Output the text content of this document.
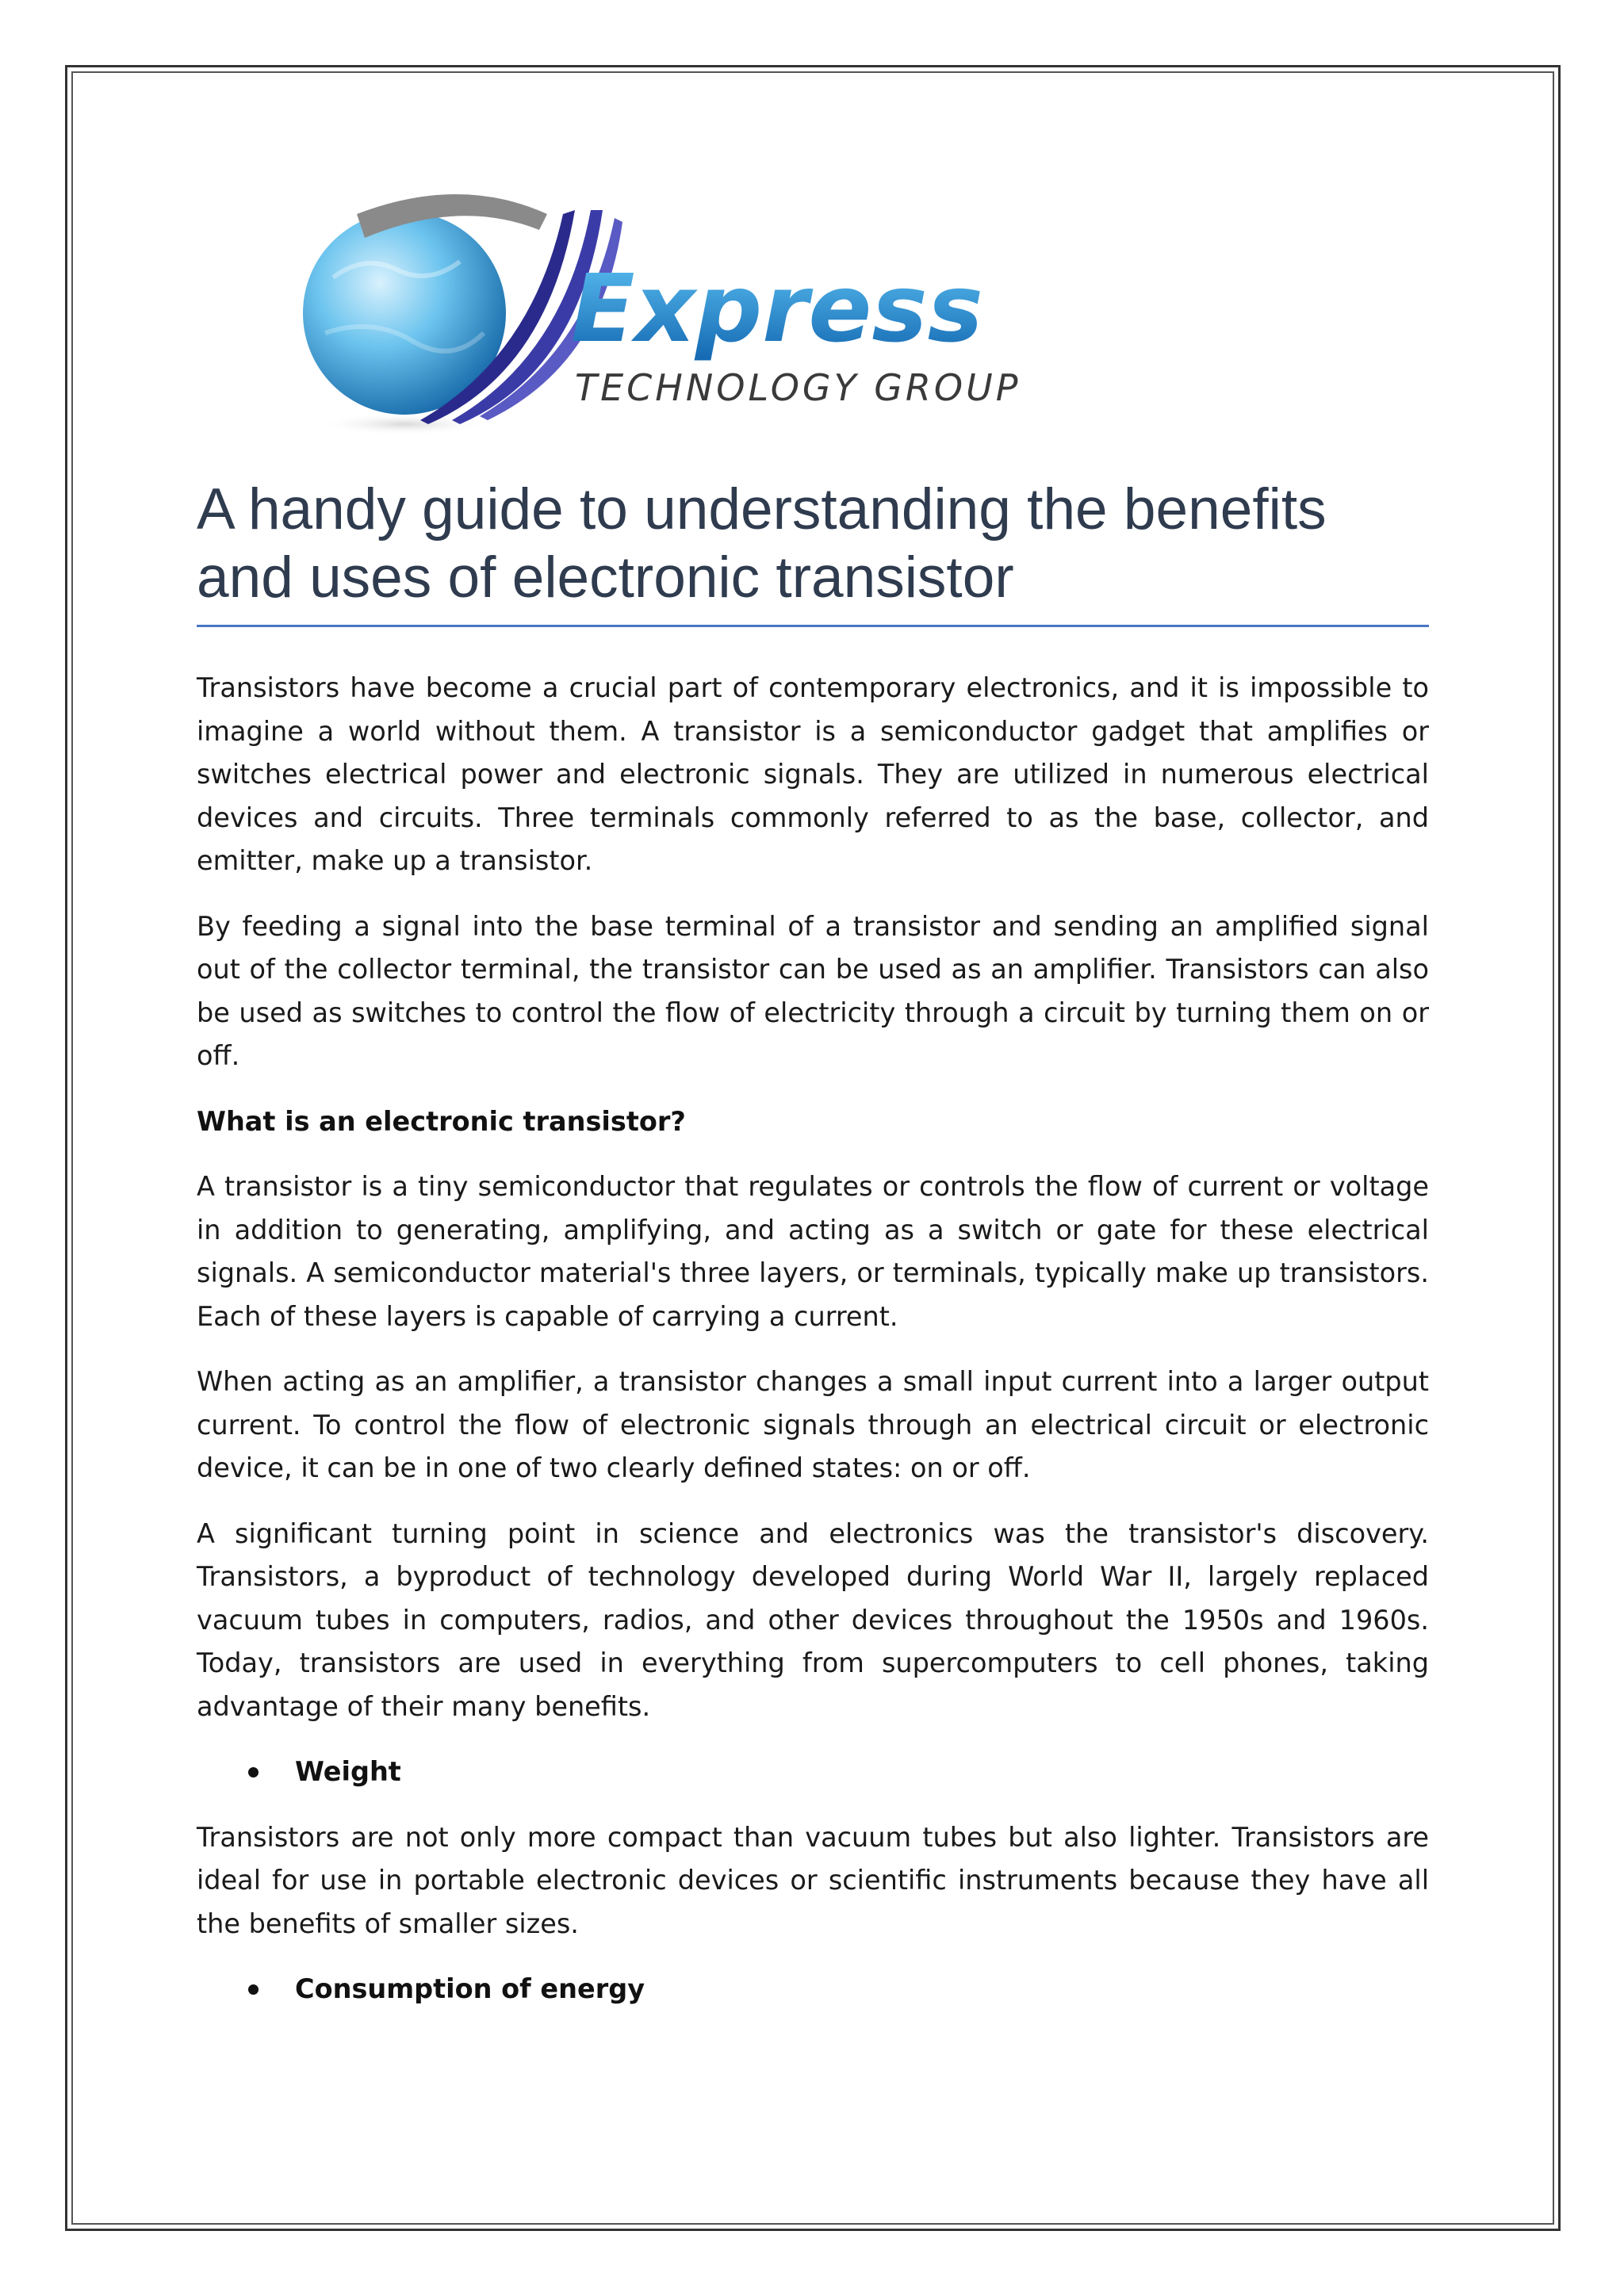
Express
TECHNOLOGY GROUP
A handy guide to understanding the benefits and uses of electronic transistor

Transistors have become a crucial part of contemporary electronics, and it is impossible to imagine a world without them. A transistor is a semiconductor gadget that amplifies or switches electrical power and electronic signals. They are utilized in numerous electrical devices and circuits. Three terminals commonly referred to as the base, collector, and emitter, make up a transistor.

By feeding a signal into the base terminal of a transistor and sending an amplified signal out of the collector terminal, the transistor can be used as an amplifier. Transistors can also be used as switches to control the flow of electricity through a circuit by turning them on or off.

What is an electronic transistor?

A transistor is a tiny semiconductor that regulates or controls the flow of current or voltage in addition to generating, amplifying, and acting as a switch or gate for these electrical signals. A semiconductor material's three layers, or terminals, typically make up transistors. Each of these layers is capable of carrying a current.

When acting as an amplifier, a transistor changes a small input current into a larger output current. To control the flow of electronic signals through an electrical circuit or electronic device, it can be in one of two clearly defined states: on or off.

A significant turning point in science and electronics was the transistor's discovery. Transistors, a byproduct of technology developed during World War II, largely replaced vacuum tubes in computers, radios, and other devices throughout the 1950s and 1960s. Today, transistors are used in everything from supercomputers to cell phones, taking advantage of their many benefits.

Weight

Transistors are not only more compact than vacuum tubes but also lighter. Transistors are ideal for use in portable electronic devices or scientific instruments because they have all the benefits of smaller sizes.

Consumption of energy
